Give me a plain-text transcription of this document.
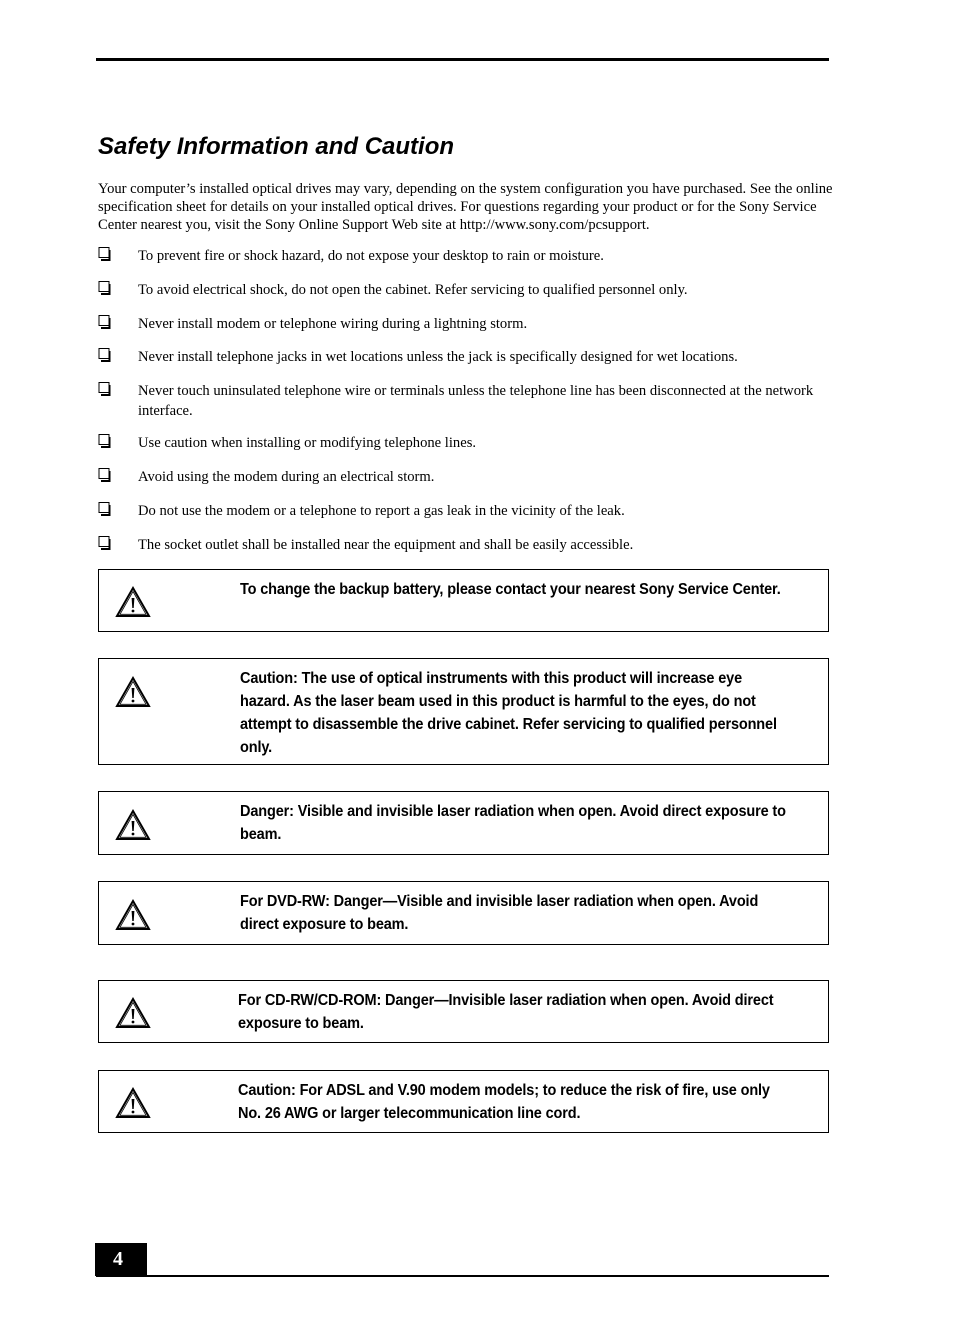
Safety Information and Caution

Your computer’s installed optical drives may vary, depending on the system configuration you have purchased. See the online specification sheet for details on your installed optical drives. For questions regarding your product or for the Sony Service Center nearest you, visit the Sony Online Support Web site at http://www.sony.com/pcsupport.

To prevent fire or shock hazard, do not expose your desktop to rain or moisture.
To avoid electrical shock, do not open the cabinet. Refer servicing to qualified personnel only.
Never install modem or telephone wiring during a lightning storm.
Never install telephone jacks in wet locations unless the jack is specifically designed for wet locations.
Never touch uninsulated telephone wire or terminals unless the telephone line has been disconnected at the network interface.
Use caution when installing or modifying telephone lines.
Avoid using the modem during an electrical storm.
Do not use the modem or a telephone to report a gas leak in the vicinity of the leak.
The socket outlet shall be installed near the equipment and shall be easily accessible.
To change the backup battery, please contact your nearest Sony Service Center.
Caution: The use of optical instruments with this product will increase eye hazard. As the laser beam used in this product is harmful to the eyes, do not attempt to disassemble the drive cabinet. Refer servicing to qualified personnel only.
Danger: Visible and invisible laser radiation when open. Avoid direct exposure to beam.
For DVD-RW: Danger—Visible and invisible laser radiation when open. Avoid direct exposure to beam.
For CD-RW/CD-ROM: Danger—Invisible laser radiation when open. Avoid direct exposure to beam.
Caution: For ADSL and V.90 modem models; to reduce the risk of fire, use only No. 26 AWG or larger telecommunication line cord.
4
